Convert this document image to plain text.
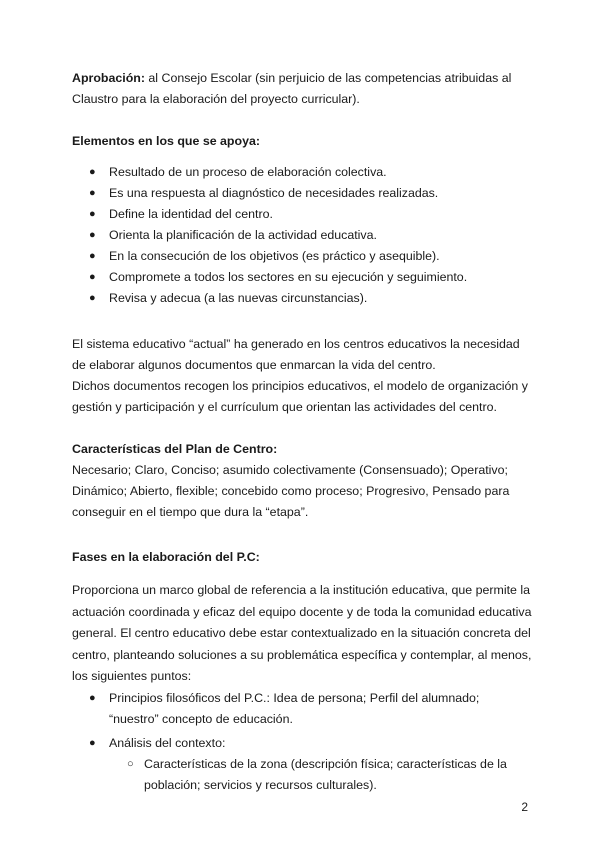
Aprobación: al Consejo Escolar (sin perjuicio de las competencias atribuidas al Claustro para la elaboración del proyecto curricular).

Elementos en los que se apoya:

● Resultado de un proceso de elaboración colectiva.
● Es una respuesta al diagnóstico de necesidades realizadas.
● Define la identidad del centro.
● Orienta la planificación de la actividad educativa.
● En la consecución de los objetivos (es práctico y asequible).
● Compromete a todos los sectores en su ejecución y seguimiento.
● Revisa y adecua (a las nuevas circunstancias).

El sistema educativo “actual” ha generado en los centros educativos la necesidad de elaborar algunos documentos que enmarcan la vida del centro.

Dichos documentos recogen los principios educativos, el modelo de organización y gestión y participación y el currículum que orientan las actividades del centro.

Características del Plan de Centro:

Necesario; Claro, Conciso; asumido colectivamente (Consensuado); Operativo; Dinámico; Abierto, flexible; concebido como proceso; Progresivo, Pensado para conseguir en el tiempo que dura la “etapa”.

Fases en la elaboración del P.C:

Proporciona un marco global de referencia a la institución educativa, que permite la actuación coordinada y eficaz del equipo docente y de toda la comunidad educativa general. El centro educativo debe estar contextualizado en la situación concreta del centro, planteando soluciones a su problemática específica y contemplar, al menos, los siguientes puntos:

● Principios filosóficos del P.C.: Idea de persona; Perfil del alumnado; “nuestro” concepto de educación.
● Análisis del contexto:
○ Características de la zona (descripción física; características de la población; servicios y recursos culturales).
2
